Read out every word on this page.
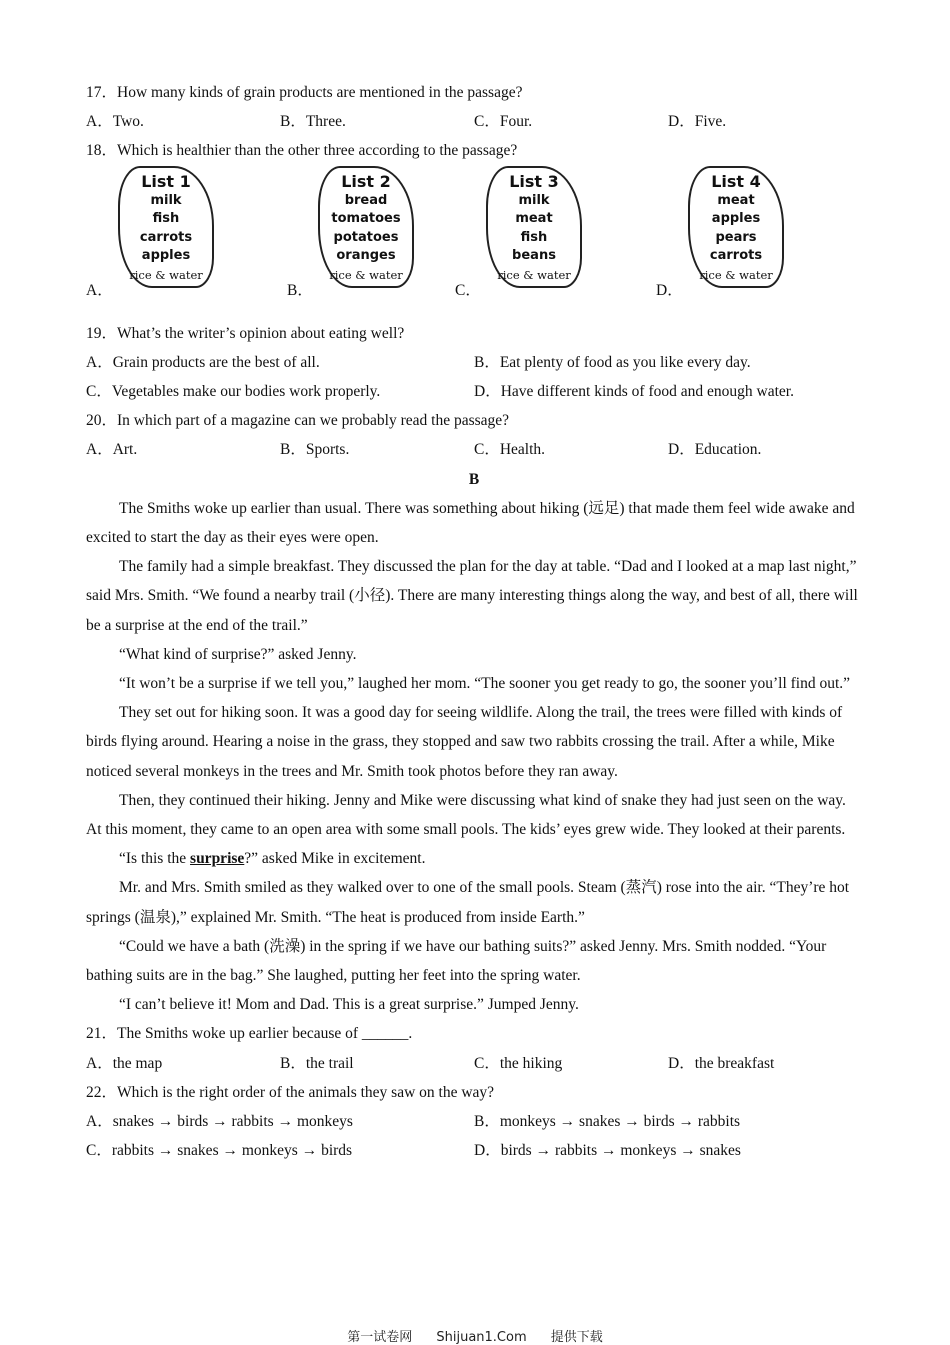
17．How many kinds of grain products are mentioned in the passage?
A．Two.	B．Three.	C．Four.	D．Five.
18．Which is healthier than the other three according to the passage?
A．
List 1
milk
fish
carrots
apples
rice & water
B．
List 2
bread
tomatoes
potatoes
oranges
rice & water
C．
List 3
milk
meat
fish
beans
rice & water
D．
List 4
meat
apples
pears
carrots
rice & water
19．What’s the writer’s opinion about eating well?
A．Grain products are the best of all.	B．Eat plenty of food as you like every day.
C．Vegetables make our bodies work properly.	D．Have different kinds of food and enough water.
20．In which part of a magazine can we probably read the passage?
A．Art.	B．Sports.	C．Health.	D．Education.
B

The Smiths woke up earlier than usual. There was something about hiking (远足) that made them feel wide awake and excited to start the day as their eyes were open.

The family had a simple breakfast. They discussed the plan for the day at table. “Dad and I looked at a map last night,” said Mrs. Smith. “We found a nearby trail (小径). There are many interesting things along the way, and best of all, there will be a surprise at the end of the trail.”

“What kind of surprise?” asked Jenny.

“It won’t be a surprise if we tell you,” laughed her mom. “The sooner you get ready to go, the sooner you’ll find out.”

They set out for hiking soon. It was a good day for seeing wildlife. Along the trail, the trees were filled with kinds of birds flying around. Hearing a noise in the grass, they stopped and saw two rabbits crossing the trail. After a while, Mike noticed several monkeys in the trees and Mr. Smith took photos before they ran away.

Then, they continued their hiking. Jenny and Mike were discussing what kind of snake they had just seen on the way. At this moment, they came to an open area with some small pools. The kids’ eyes grew wide. They looked at their parents.

“Is this the surprise?” asked Mike in excitement.

Mr. and Mrs. Smith smiled as they walked over to one of the small pools. Steam (蒸汽) rose into the air. “They’re hot springs (温泉),” explained Mr. Smith. “The heat is produced from inside Earth.”

“Could we have a bath (洗澡) in the spring if we have our bathing suits?” asked Jenny. Mrs. Smith nodded. “Your bathing suits are in the bag.” She laughed, putting her feet into the spring water.

“I can’t believe it! Mom and Dad. This is a great surprise.” Jumped Jenny.

21．The Smiths woke up earlier because of ______.
A．the map	B．the trail	C．the hiking	D．the breakfast
22．Which is the right order of the animals they saw on the way?
A．snakes → birds → rabbits → monkeys	B．monkeys → snakes → birds → rabbits
C．rabbits → snakes → monkeys → birds	D．birds → rabbits → monkeys → snakes
第一试卷网 Shijuan1.Com 提供下载
